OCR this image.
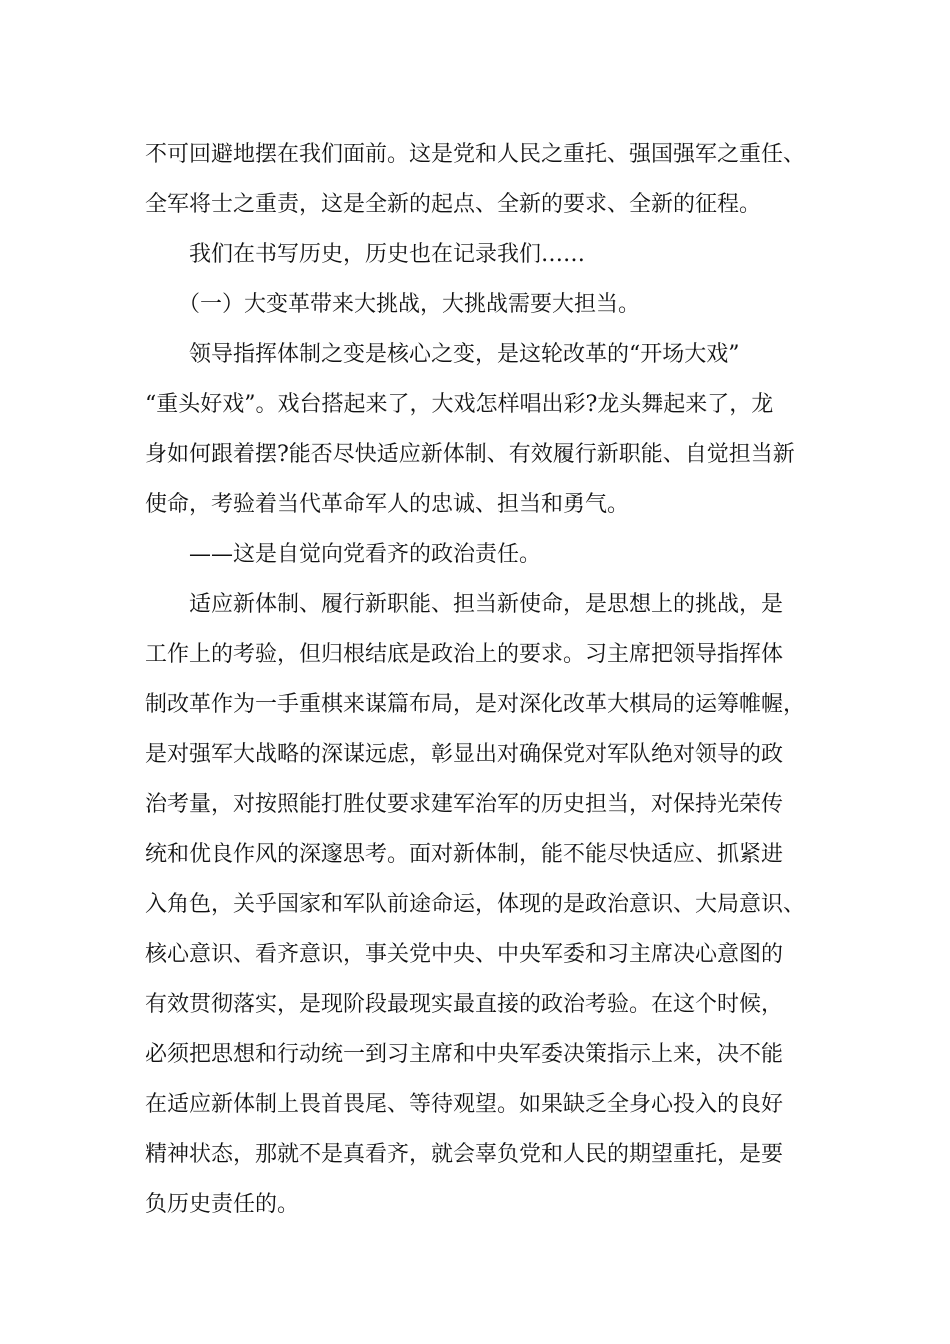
不可回避地摆在我们面前。这是党和人民之重托、强国强军之重任、
全军将士之重责，这是全新的起点、全新的要求、全新的征程。
我们在书写历史，历史也在记录我们……
（一）大变革带来大挑战，大挑战需要大担当。
领导指挥体制之变是核心之变，是这轮改革的“开场大戏”
“重头好戏”。戏台搭起来了，大戏怎样唱出彩?龙头舞起来了，龙
身如何跟着摆?能否尽快适应新体制、有效履行新职能、自觉担当新
使命，考验着当代革命军人的忠诚、担当和勇气。
——这是自觉向党看齐的政治责任。
适应新体制、履行新职能、担当新使命，是思想上的挑战，是
工作上的考验，但归根结底是政治上的要求。习主席把领导指挥体
制改革作为一手重棋来谋篇布局，是对深化改革大棋局的运筹帷幄，
是对强军大战略的深谋远虑，彰显出对确保党对军队绝对领导的政
治考量，对按照能打胜仗要求建军治军的历史担当，对保持光荣传
统和优良作风的深邃思考。面对新体制，能不能尽快适应、抓紧进
入角色，关乎国家和军队前途命运，体现的是政治意识、大局意识、
核心意识、看齐意识，事关党中央、中央军委和习主席决心意图的
有效贯彻落实，是现阶段最现实最直接的政治考验。在这个时候，
必须把思想和行动统一到习主席和中央军委决策指示上来，决不能
在适应新体制上畏首畏尾、等待观望。如果缺乏全身心投入的良好
精神状态，那就不是真看齐，就会辜负党和人民的期望重托，是要
负历史责任的。
